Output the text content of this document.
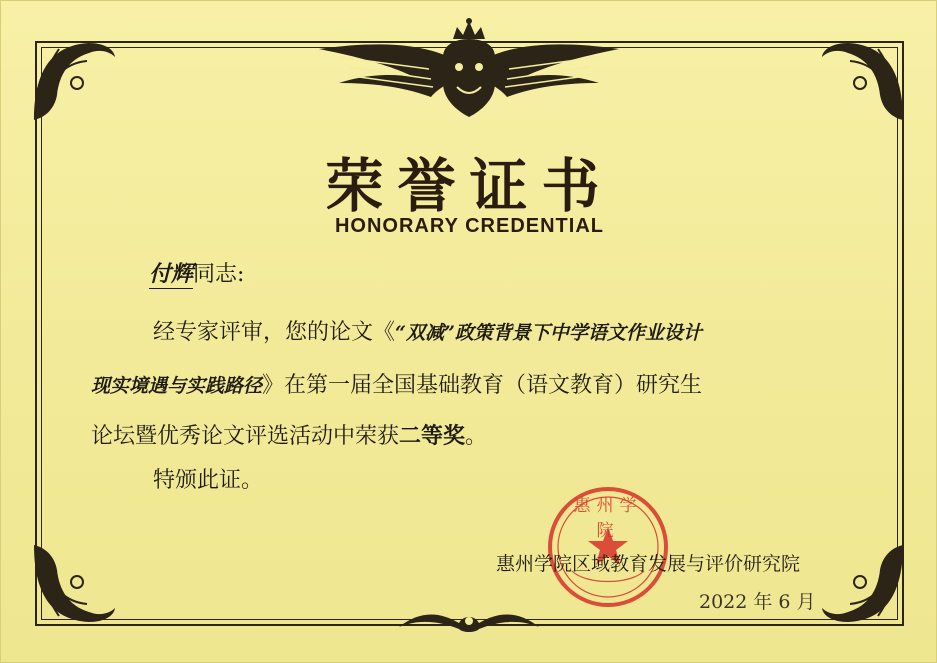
荣誉证书
HONORARY CREDENTIAL
付辉同志:
经专家评审，您的论文《“双减”政策背景下中学语文作业设计
现实境遇与实践路径》在第一届全国基础教育（语文教育）研究生
论坛暨优秀论文评选活动中荣获二等奖。
特颁此证。
惠州学院
惠州学院区域教育发展与评价研究院
2022 年 6 月
